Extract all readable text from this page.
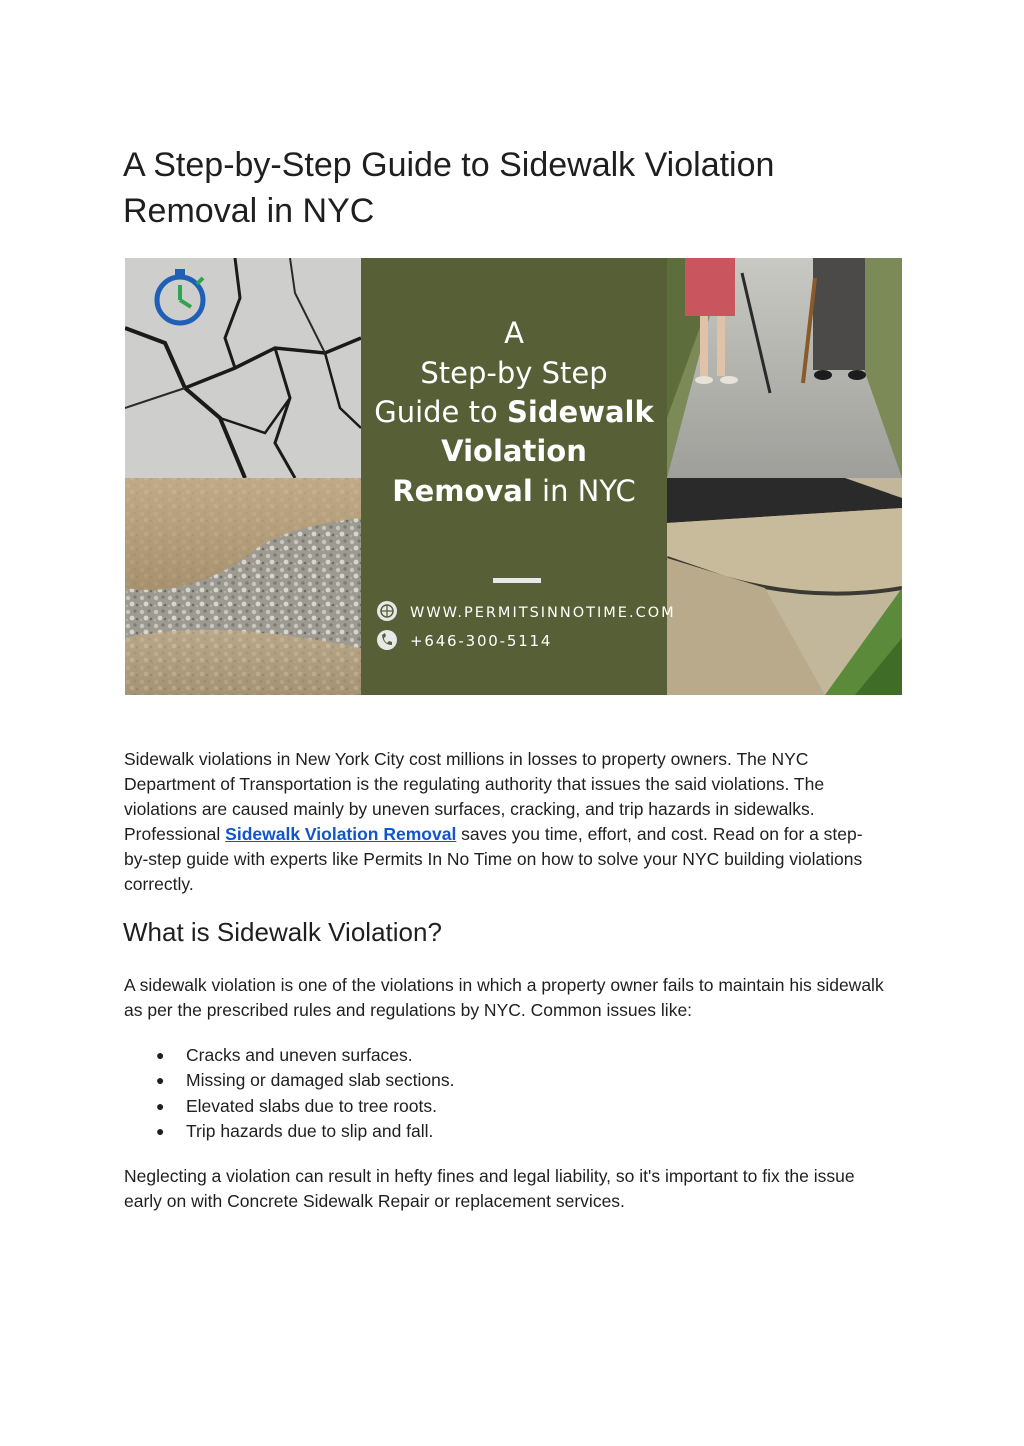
A Step-by-Step Guide to Sidewalk Violation Removal in NYC
A
Step-by Step
Guide to Sidewalk
Violation
Removal in NYC
WWW.PERMITSINNOTIME.COM
+646-300-5114

Sidewalk violations in New York City cost millions in losses to property owners. The NYC Department of Transportation is the regulating authority that issues the said violations. The violations are caused mainly by uneven surfaces, cracking, and trip hazards in sidewalks. Professional Sidewalk Violation Removal saves you time, effort, and cost. Read on for a step-by-step guide with experts like Permits In No Time on how to solve your NYC building violations correctly.

What is Sidewalk Violation?

A sidewalk violation is one of the violations in which a property owner fails to maintain his sidewalk as per the prescribed rules and regulations by NYC. Common issues like:

● Cracks and uneven surfaces.
● Missing or damaged slab sections.
● Elevated slabs due to tree roots.
● Trip hazards due to slip and fall.

Neglecting a violation can result in hefty fines and legal liability, so it's important to fix the issue early on with Concrete Sidewalk Repair or replacement services.
